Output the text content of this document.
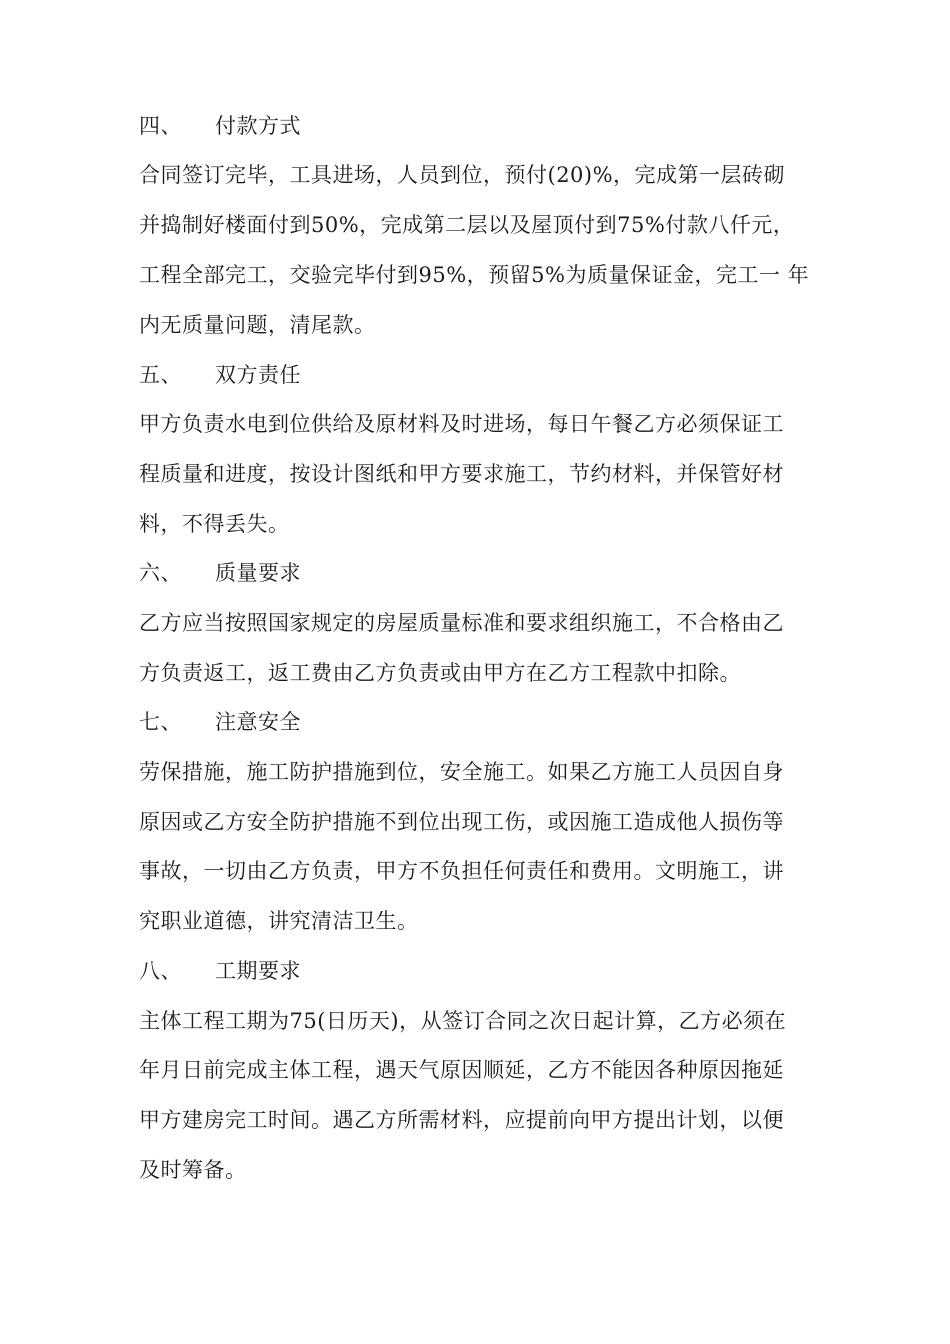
四、 付款方式
合同签订完毕，工具进场，人员到位，预付(20)%，完成第一层砖砌
并捣制好楼面付到50%，完成第二层以及屋顶付到75%付款八仟元，
工程全部完工，交验完毕付到95%，预留5%为质量保证金，完工一 年
内无质量问题，清尾款。
五、 双方责任
甲方负责水电到位供给及原材料及时进场，每日午餐乙方必须保证工
程质量和进度，按设计图纸和甲方要求施工，节约材料，并保管好材
料，不得丢失。
六、 质量要求
乙方应当按照国家规定的房屋质量标准和要求组织施工，不合格由乙
方负责返工，返工费由乙方负责或由甲方在乙方工程款中扣除。
七、 注意安全
劳保措施，施工防护措施到位，安全施工。如果乙方施工人员因自身
原因或乙方安全防护措施不到位出现工伤，或因施工造成他人损伤等
事故，一切由乙方负责，甲方不负担任何责任和费用。文明施工，讲
究职业道德，讲究清洁卫生。
八、 工期要求
主体工程工期为75(日历天)，从签订合同之次日起计算，乙方必须在
年月日前完成主体工程，遇天气原因顺延，乙方不能因各种原因拖延
甲方建房完工时间。遇乙方所需材料，应提前向甲方提出计划，以便
及时筹备。
